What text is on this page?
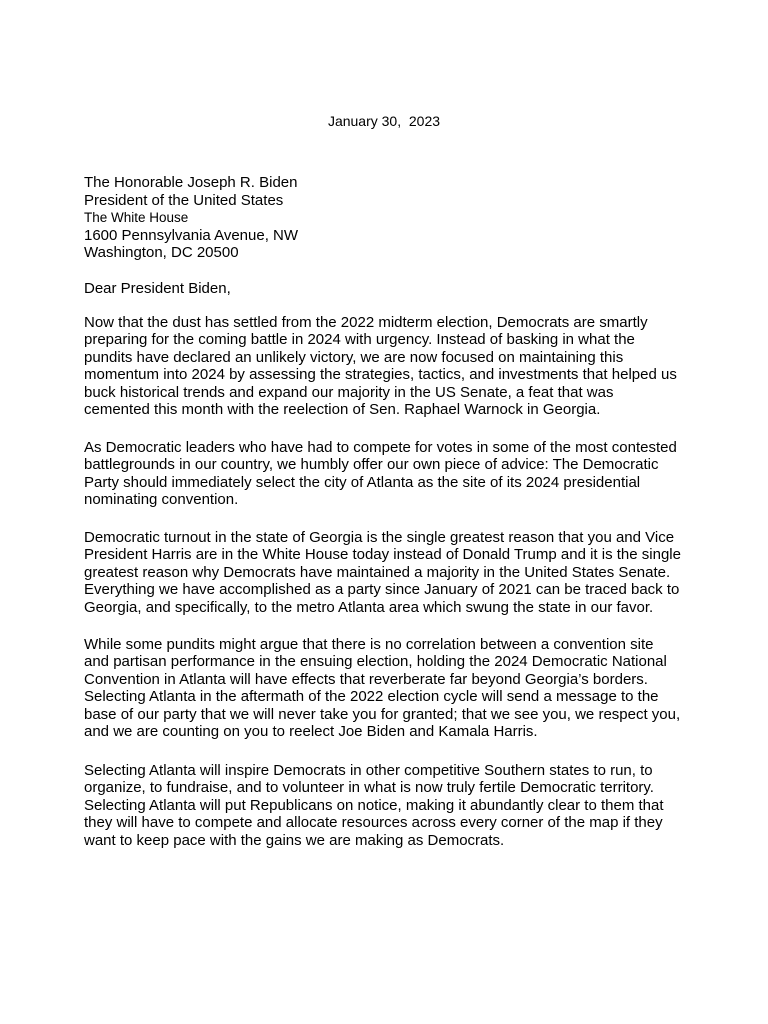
January 30,  2023
The Honorable Joseph R. Biden
President of the United States
The White House
1600 Pennsylvania Avenue, NW
Washington, DC 20500
Dear President Biden,
Now that the dust has settled from the 2022 midterm election, Democrats are smartly
preparing for the coming battle in 2024 with urgency. Instead of basking in what the
pundits have declared an unlikely victory, we are now focused on maintaining this
momentum into 2024 by assessing the strategies, tactics, and investments that helped us
buck historical trends and expand our majority in the US Senate, a feat that was
cemented this month with the reelection of Sen. Raphael Warnock in Georgia.
As Democratic leaders who have had to compete for votes in some of the most contested
battlegrounds in our country, we humbly offer our own piece of advice: The Democratic
Party should immediately select the city of Atlanta as the site of its 2024 presidential
nominating convention.
Democratic turnout in the state of Georgia is the single greatest reason that you and Vice
President Harris are in the White House today instead of Donald Trump and it is the single
greatest reason why Democrats have maintained a majority in the United States Senate.
Everything we have accomplished as a party since January of 2021 can be traced back to
Georgia, and specifically, to the metro Atlanta area which swung the state in our favor.
While some pundits might argue that there is no correlation between a convention site
and partisan performance in the ensuing election, holding the 2024 Democratic National
Convention in Atlanta will have effects that reverberate far beyond Georgia’s borders.
Selecting Atlanta in the aftermath of the 2022 election cycle will send a message to the
base of our party that we will never take you for granted; that we see you, we respect you,
and we are counting on you to reelect Joe Biden and Kamala Harris.
Selecting Atlanta will inspire Democrats in other competitive Southern states to run, to
organize, to fundraise, and to volunteer in what is now truly fertile Democratic territory.
Selecting Atlanta will put Republicans on notice, making it abundantly clear to them that
they will have to compete and allocate resources across every corner of the map if they
want to keep pace with the gains we are making as Democrats.
